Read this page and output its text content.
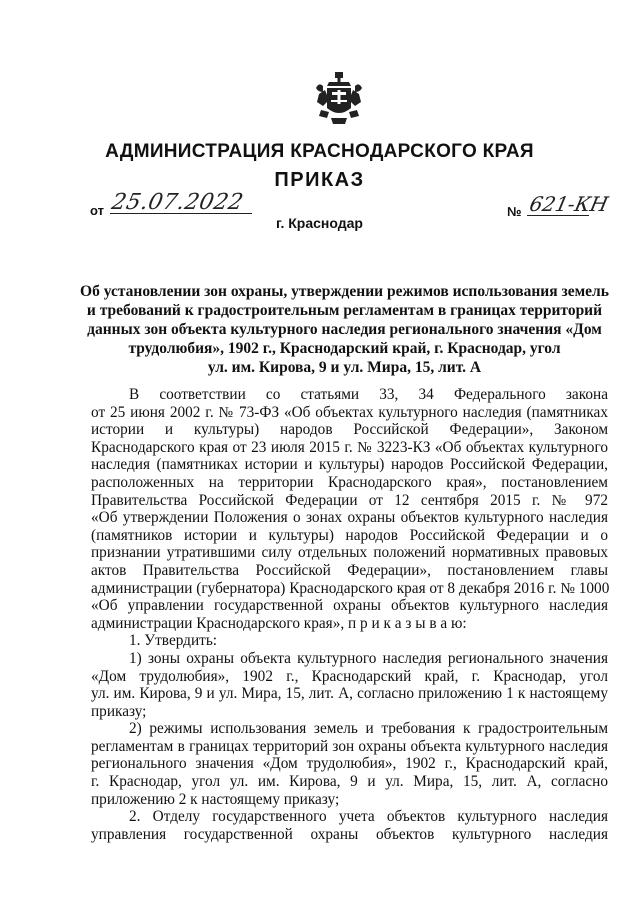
АДМИНИСТРАЦИЯ КРАСНОДАРСКОГО КРАЯ
ПРИКАЗ
от 25.07.2022	№ 621-КН
г. Краснодар
Об установлении зон охраны, утверждении режимов использования земель
и требований к градостроительным регламентам в границах территорий
данных зон объекта культурного наследия регионального значения «Дом
трудолюбия», 1902 г., Краснодарский край, г. Краснодар, угол
ул. им. Кирова, 9 и ул. Мира, 15, лит. А
В соответствии со статьями 33, 34 Федерального закона
от 25 июня 2002 г. № 73-ФЗ «Об объектах культурного наследия (памятниках
истории и культуры) народов Российской Федерации», Законом
Краснодарского края от 23 июля 2015 г. № 3223-КЗ «Об объектах культурного
наследия (памятниках истории и культуры) народов Российской Федерации,
расположенных на территории Краснодарского края», постановлением
Правительства Российской Федерации от 12 сентября 2015 г. № 972
«Об утверждении Положения о зонах охраны объектов культурного наследия
(памятников истории и культуры) народов Российской Федерации и о
признании утратившими силу отдельных положений нормативных правовых
актов Правительства Российской Федерации», постановлением главы
администрации (губернатора) Краснодарского края от 8 декабря 2016 г. № 1000
«Об управлении государственной охраны объектов культурного наследия
администрации Краснодарского края», п р и к а з ы в а ю:
1. Утвердить:
1) зоны охраны объекта культурного наследия регионального значения
«Дом трудолюбия», 1902 г., Краснодарский край, г. Краснодар, угол
ул. им. Кирова, 9 и ул. Мира, 15, лит. А, согласно приложению 1 к настоящему
приказу;
2) режимы использования земель и требования к градостроительным
регламентам в границах территорий зон охраны объекта культурного наследия
регионального значения «Дом трудолюбия», 1902 г., Краснодарский край,
г. Краснодар, угол ул. им. Кирова, 9 и ул. Мира, 15, лит. А, согласно
приложению 2 к настоящему приказу;
2. Отделу государственного учета объектов культурного наследия
управления государственной охраны объектов культурного наследия
